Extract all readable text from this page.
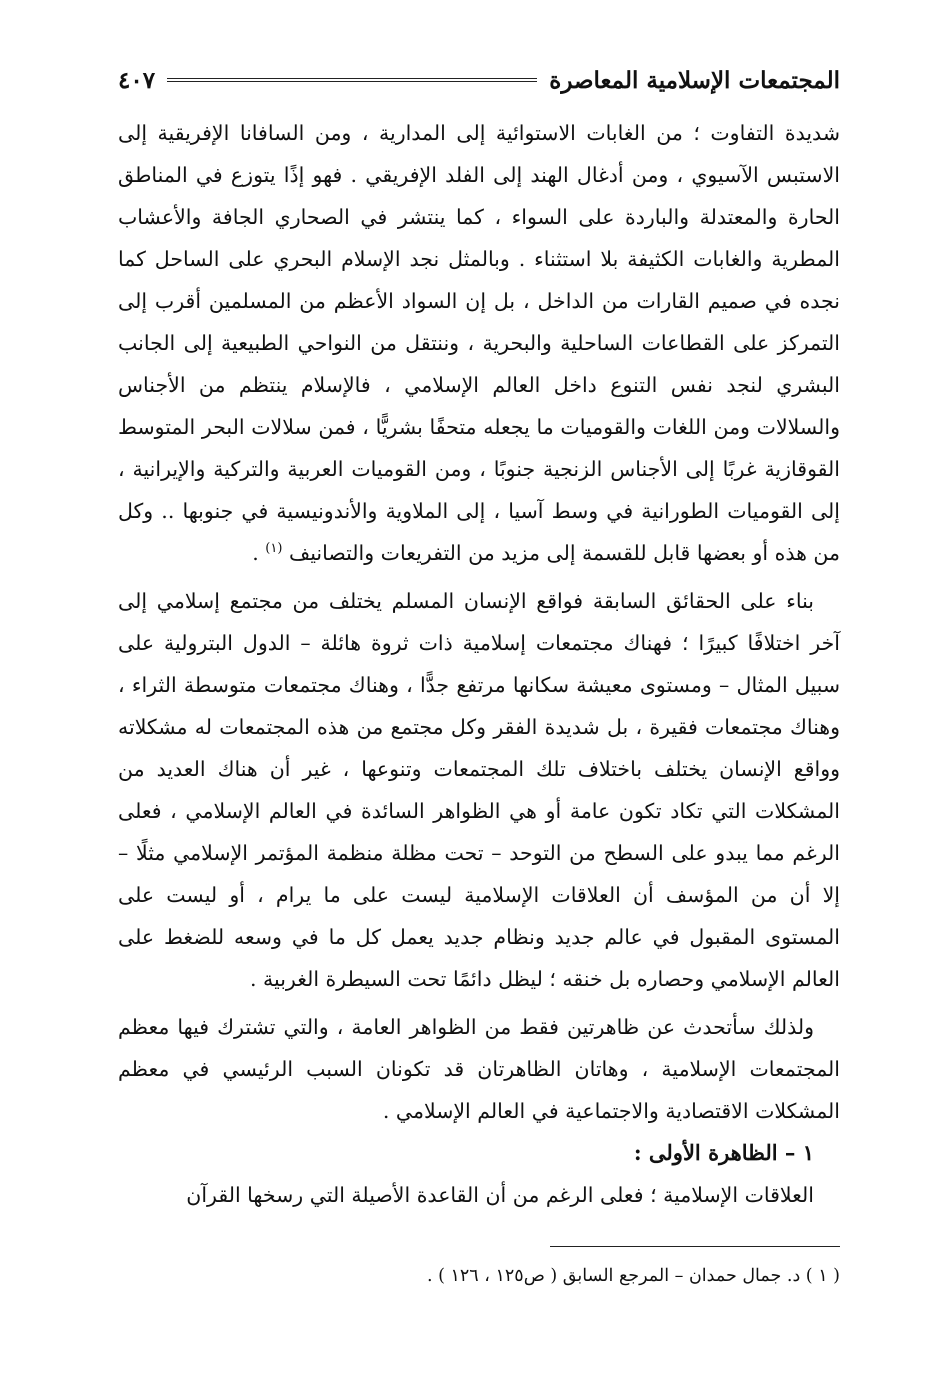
المجتمعات الإسلامية المعاصرة
٤٠٧

شديدة التفاوت ؛ من الغابات الاستوائية إلى المدارية ، ومن السافانا الإفريقية إلى الاستبس الآسيوي ، ومن أدغال الهند إلى الفلد الإفريقي . فهو إذًا يتوزع في المناطق الحارة والمعتدلة والباردة على السواء ، كما ينتشر في الصحاري الجافة والأعشاب المطرية والغابات الكثيفة بلا استثناء . وبالمثل نجد الإسلام البحري على الساحل كما نجده في صميم القارات من الداخل ، بل إن السواد الأعظم من المسلمين أقرب إلى التمركز على القطاعات الساحلية والبحرية ، وننتقل من النواحي الطبيعية إلى الجانب البشري لنجد نفس التنوع داخل العالم الإسلامي ، فالإسلام ينتظم من الأجناس والسلالات ومن اللغات والقوميات ما يجعله متحفًا بشريًّا ، فمن سلالات البحر المتوسط القوقازية غربًا إلى الأجناس الزنجية جنوبًا ، ومن القوميات العربية والتركية والإيرانية ، إلى القوميات الطورانية في وسط آسيا ، إلى الملاوية والأندونيسية في جنوبها .. وكل من هذه أو بعضها قابل للقسمة إلى مزيد من التفريعات والتصانيف $^{(١)}$ .

بناء على الحقائق السابقة فواقع الإنسان المسلم يختلف من مجتمع إسلامي إلى آخر اختلافًا كبيرًا ؛ فهناك مجتمعات إسلامية ذات ثروة هائلة – الدول البترولية على سبيل المثال – ومستوى معيشة سكانها مرتفع جدًّا ، وهناك مجتمعات متوسطة الثراء ، وهناك مجتمعات فقيرة ، بل شديدة الفقر وكل مجتمع من هذه المجتمعات له مشكلاته وواقع الإنسان يختلف باختلاف تلك المجتمعات وتنوعها ، غير أن هناك العديد من المشكلات التي تكاد تكون عامة أو هي الظواهر السائدة في العالم الإسلامي ، فعلى الرغم مما يبدو على السطح من التوحد – تحت مظلة منظمة المؤتمر الإسلامي مثلًا – إلا أن من المؤسف أن العلاقات الإسلامية ليست على ما يرام ، أو ليست على المستوى المقبول في عالم جديد ونظام جديد يعمل كل ما في وسعه للضغط على العالم الإسلامي وحصاره بل خنقه ؛ ليظل دائمًا تحت السيطرة الغربية .

ولذلك سأتحدث عن ظاهرتين فقط من الظواهر العامة ، والتي تشترك فيها معظم المجتمعات الإسلامية ، وهاتان الظاهرتان قد تكونان السبب الرئيسي في معظم المشكلات الاقتصادية والاجتماعية في العالم الإسلامي .

١ – الظاهرة الأولى :

العلاقات الإسلامية ؛ فعلى الرغم من أن القاعدة الأصيلة التي رسخها القرآن

( ١ ) د. جمال حمدان – المرجع السابق ( ص١٢٥ ، ١٢٦ ) .
